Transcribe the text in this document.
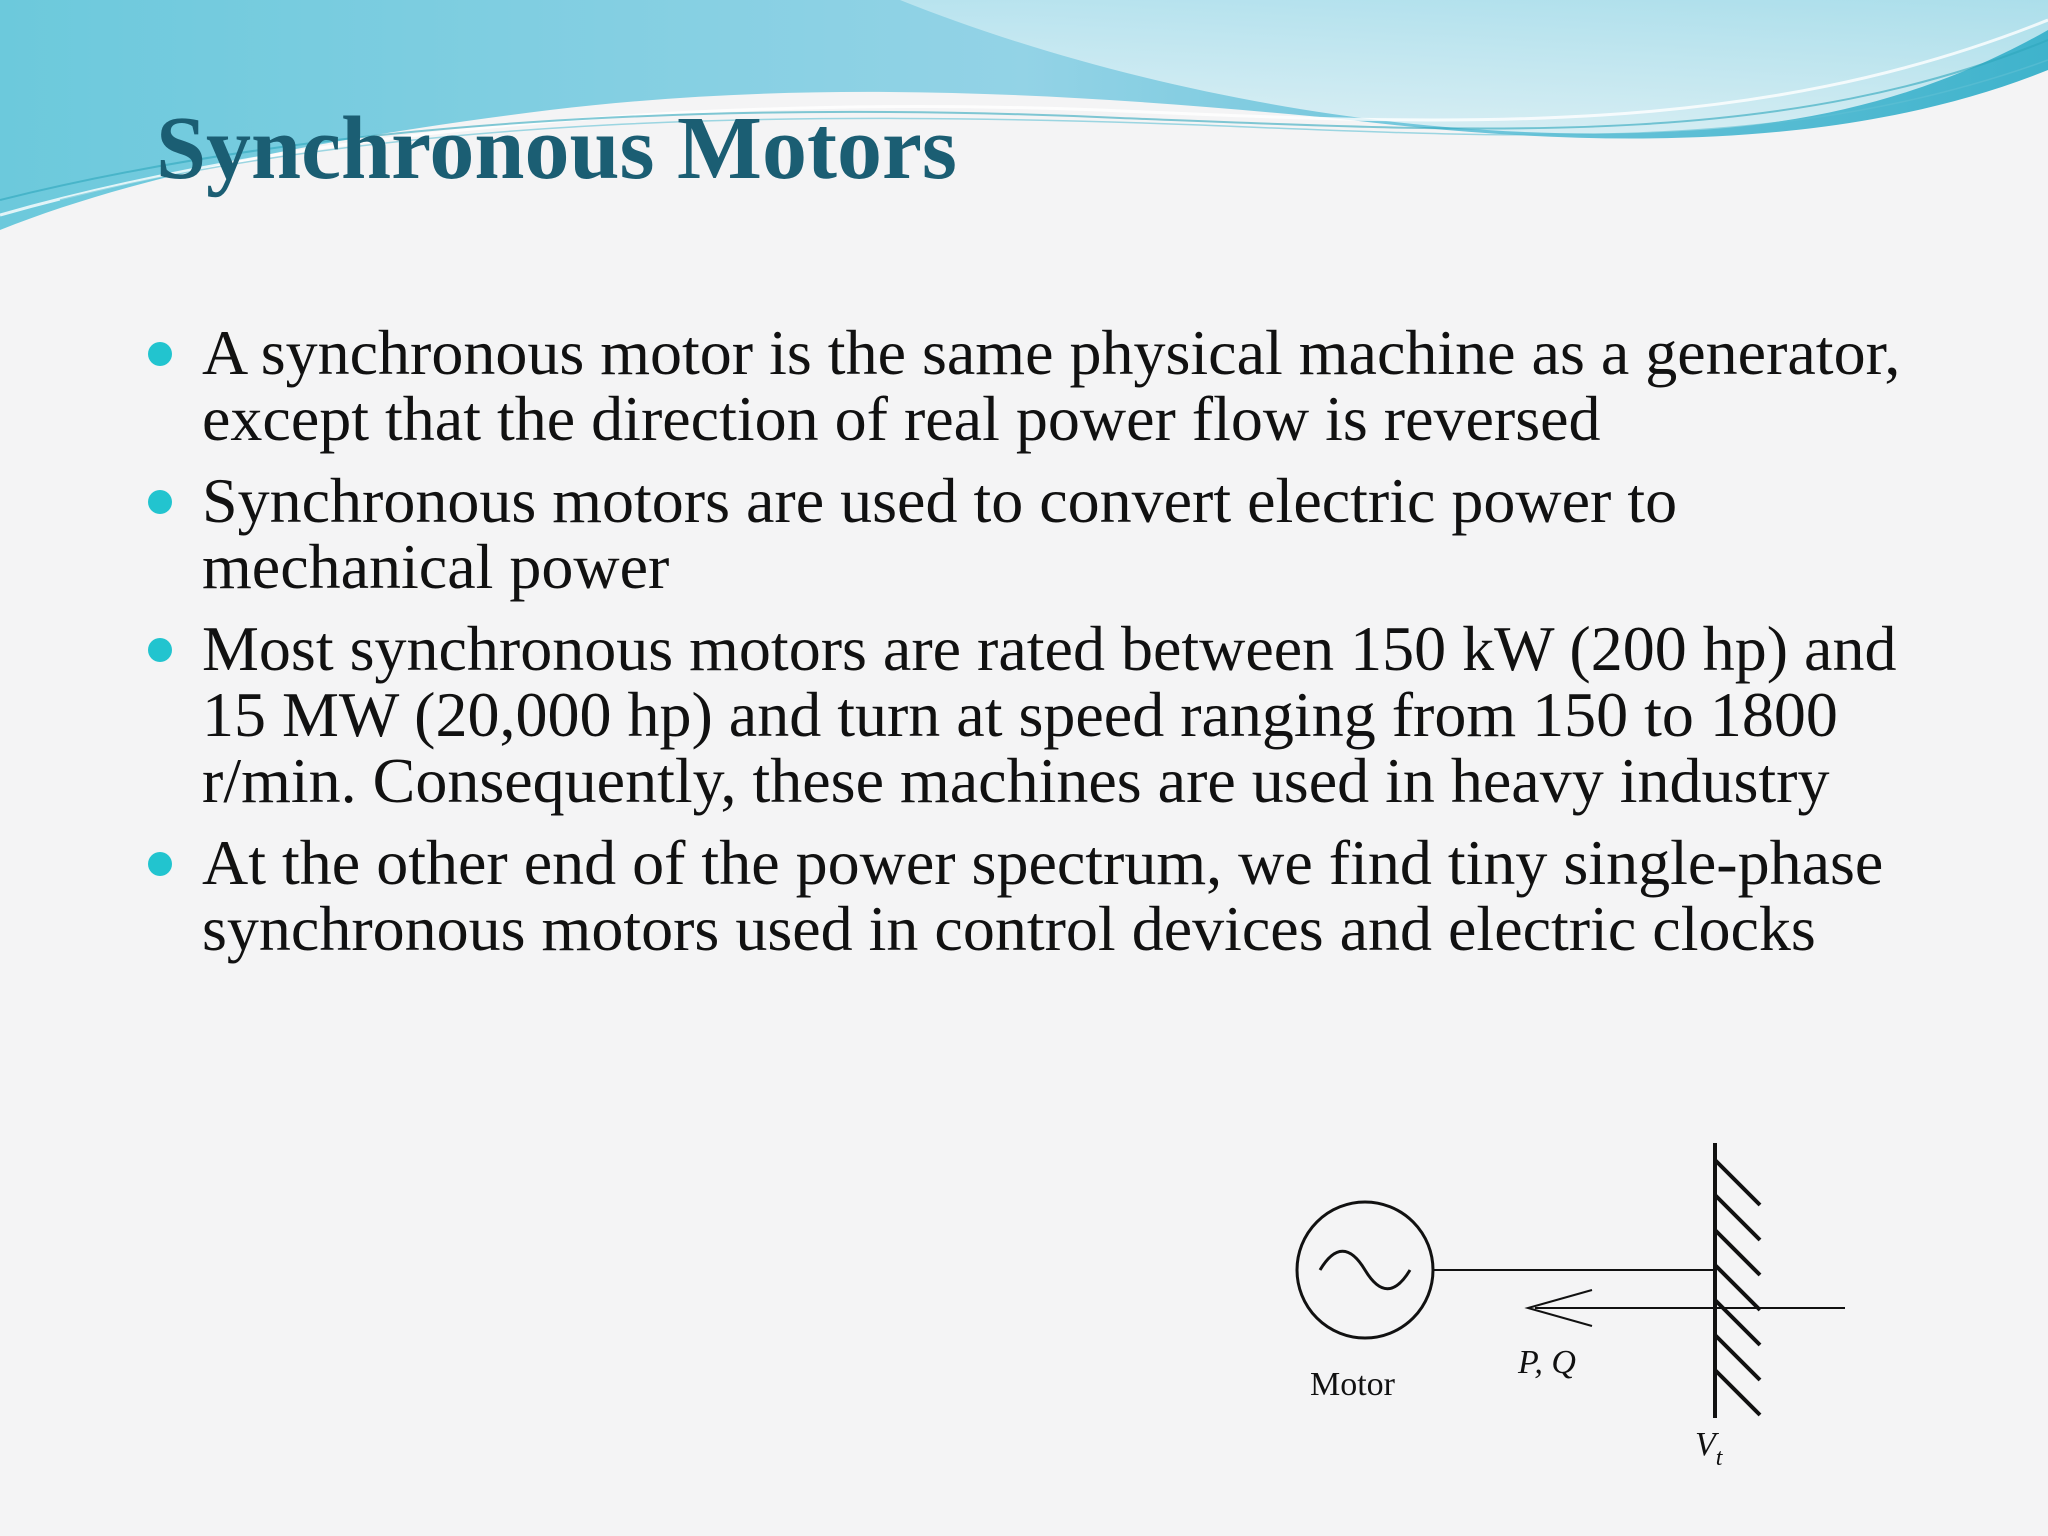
Synchronous Motors
A synchronous motor is the same physical machine as a generator, except that the direction of real power flow is reversed
Synchronous motors are used to convert electric power to mechanical power
Most synchronous motors are rated between 150 kW (200 hp) and 15 MW (20,000 hp) and turn at speed ranging from 150 to 1800 r/min. Consequently, these machines are used in heavy industry
At the other end of the power spectrum, we find tiny single-phase synchronous motors used in control devices and electric clocks
Motor
P, Q
$V_t$
